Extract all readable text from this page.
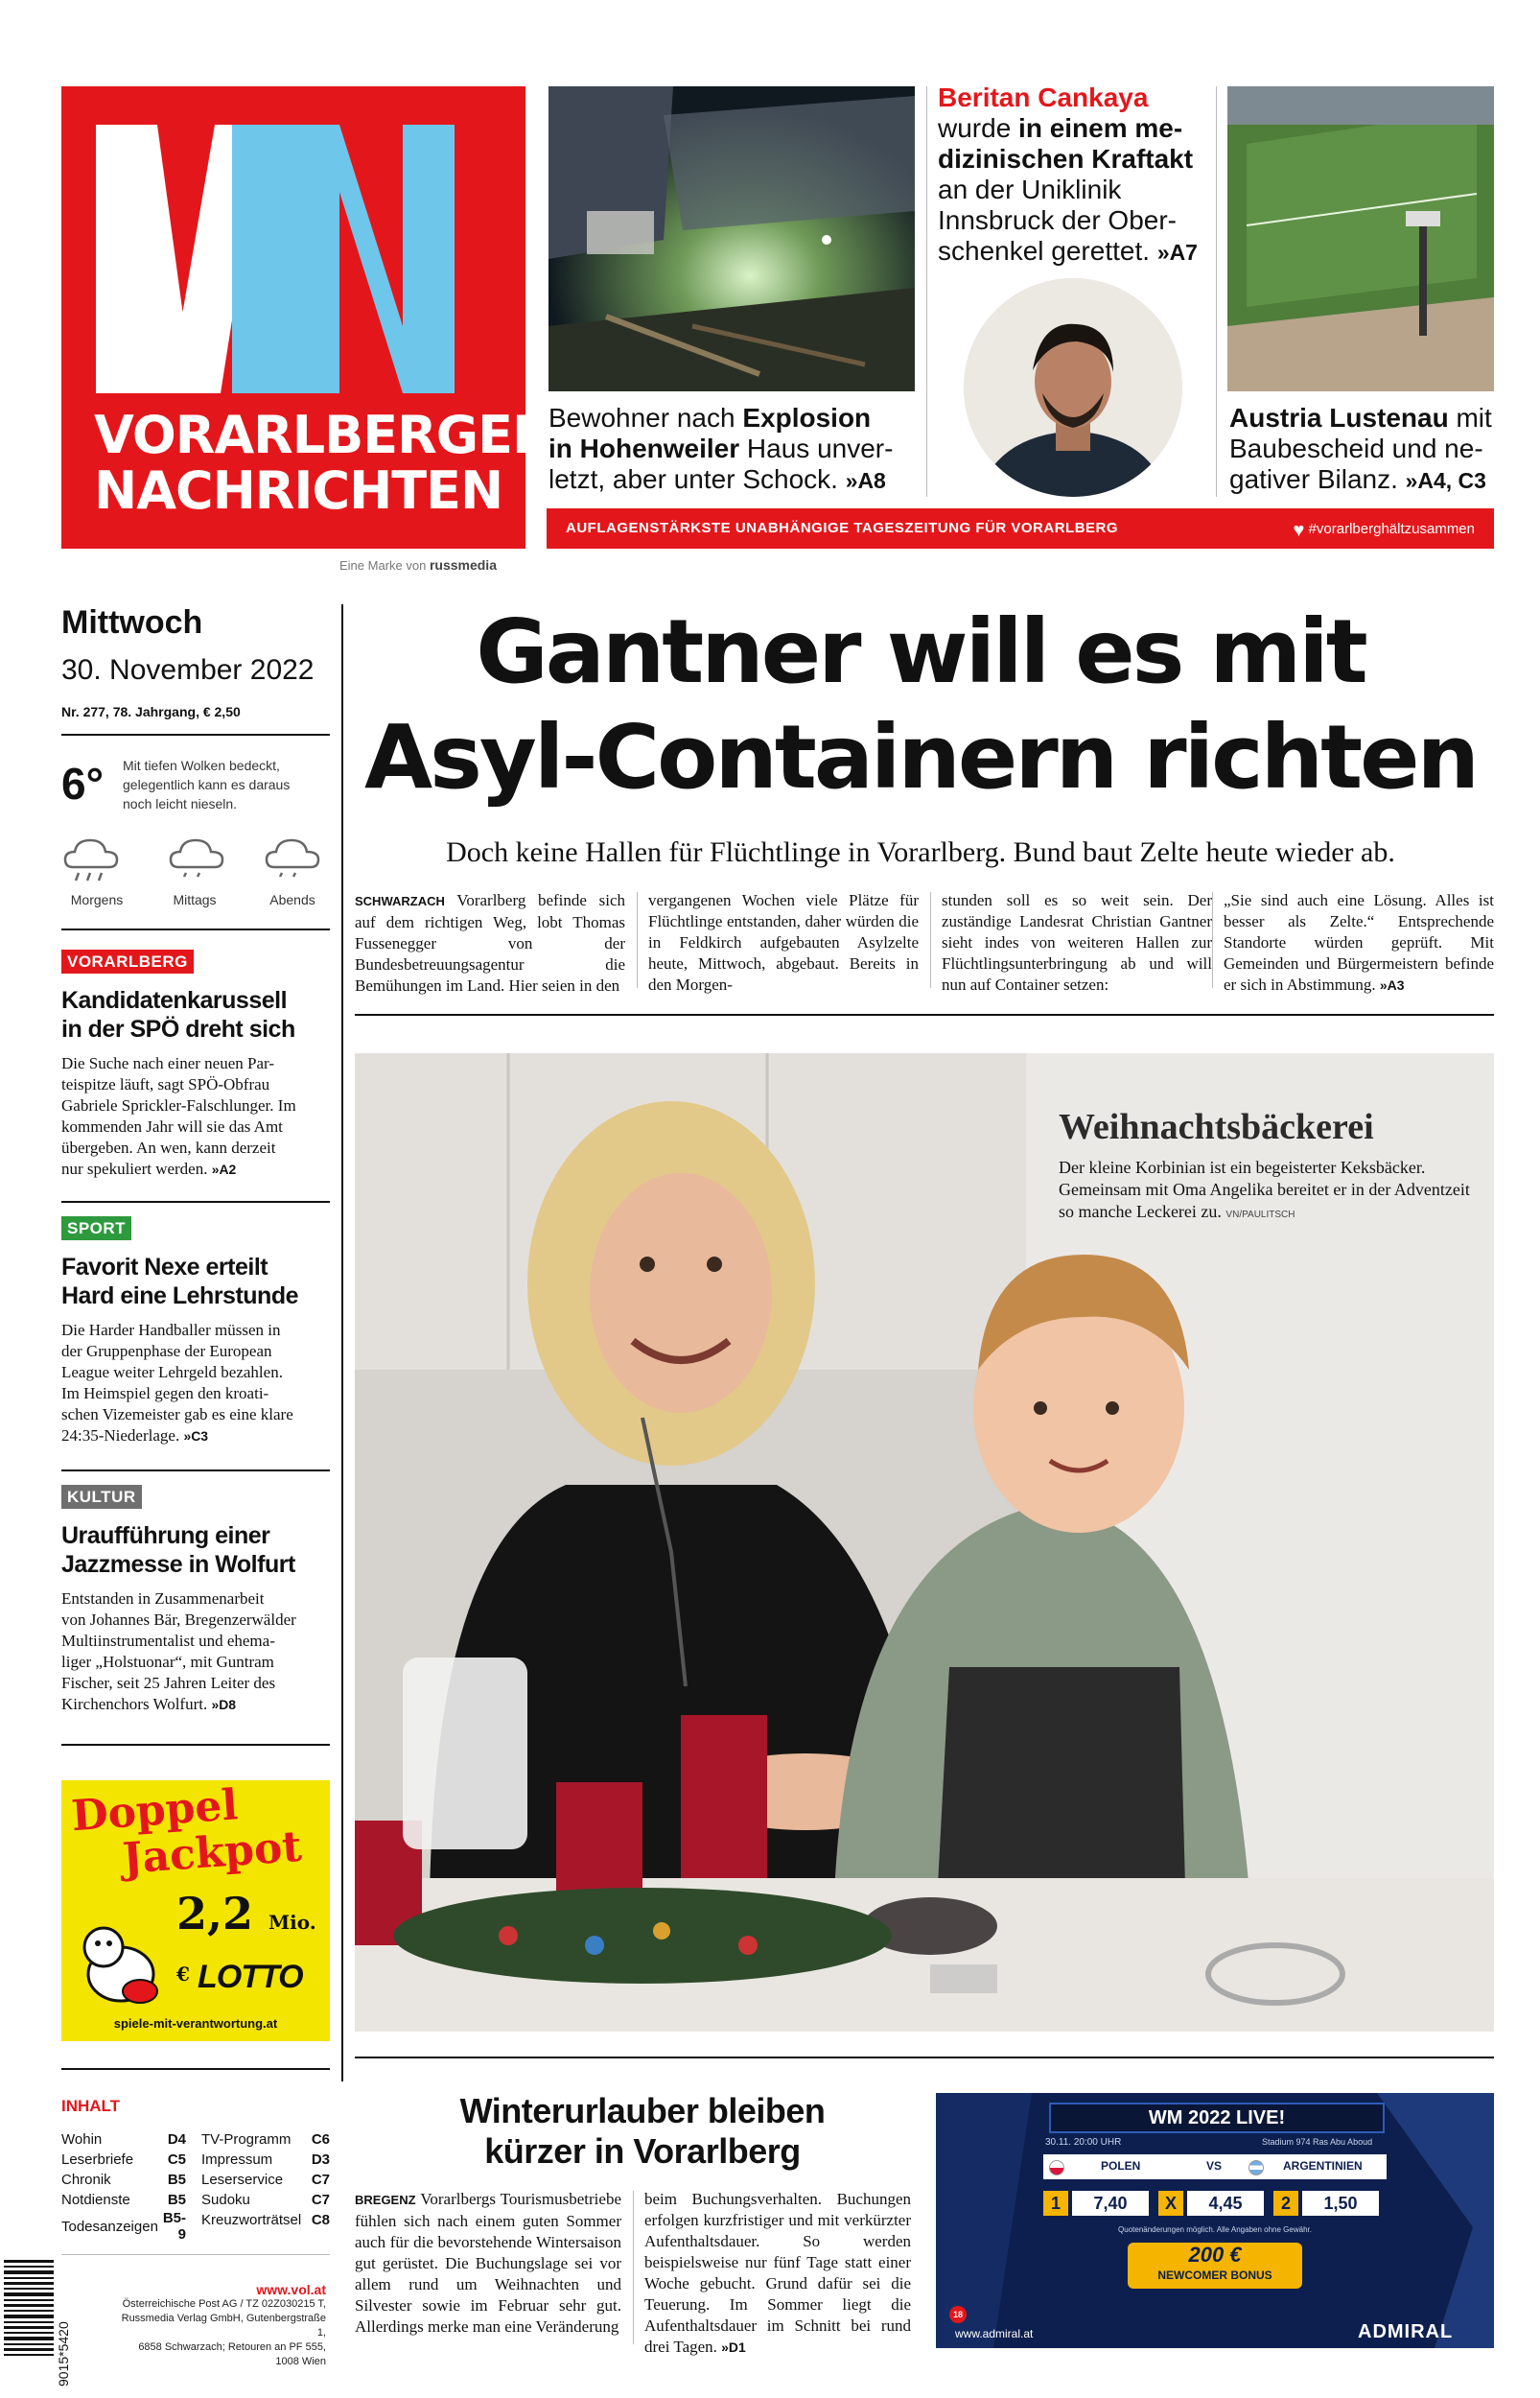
VORARLBERGER
NACHRICHTEN
Eine Marke von russmedia
Bewohner nach Explosion
in Hohenweiler Haus unver-
letzt, aber unter Schock. »A8
Beritan Cankaya
wurde in einem me-
dizinischen Kraftakt
an der Uniklinik
Innsbruck der Ober-
schenkel gerettet. »A7
Austria Lustenau mit
Baubescheid und ne-
gativer Bilanz. »A4, C3
AUFLAGENSTÄRKSTE UNABHÄNGIGE TAGESZEITUNG FÜR VORARLBERG	♥ #vorarlberghältzusammen
Mittwoch
30. November 2022
Nr. 277, 78. Jahrgang, € 2,50
6° Mit tiefen Wolken bedeckt,
gelegentlich kann es daraus
noch leicht nieseln.
Morgens	Mittags	Abends
VORARLBERG
Kandidatenkarussell
in der SPÖ dreht sich
Die Suche nach einer neuen Par-
teispitze läuft, sagt SPÖ-Obfrau
Gabriele Sprickler-Falschlunger. Im
kommenden Jahr will sie das Amt
übergeben. An wen, kann derzeit
nur spekuliert werden. »A2
SPORT
Favorit Nexe erteilt
Hard eine Lehrstunde
Die Harder Handballer müssen in
der Gruppenphase der European
League weiter Lehrgeld bezahlen.
Im Heimspiel gegen den kroati-
schen Vizemeister gab es eine klare
24:35-Niederlage. »C3
KULTUR
Uraufführung einer
Jazzmesse in Wolfurt
Entstanden in Zusammenarbeit
von Johannes Bär, Bregenzerwälder
Multiinstrumentalist und ehema-
liger „Holstuonar“, mit Guntram
Fischer, seit 25 Jahren Leiter des
Kirchenchors Wolfurt. »D8
Doppel
Jackpot
2,2 Mio. € LOTTO
spiele-mit-verantwortung.at
INHALT
Wohin	D4
Leserbriefe	C5
Chronik	B5
Notdienste	B5
Todesanzeigen	B5-9
TV-Programm	C6
Impressum	D3
Leserservice	C7
Sudoku	C7
Kreuzworträtsel	C8
9015*5420
www.vol.at
Österreichische Post AG / TZ 02Z030215 T,
Russmedia Verlag GmbH, Gutenbergstraße 1,
6858 Schwarzach; Retouren an PF 555, 1008 Wien
Gantner will es mit
Asyl-Containern richten
Doch keine Hallen für Flüchtlinge in Vorarlberg. Bund baut Zelte heute wieder ab.
SCHWARZACH Vorarlberg befinde sich auf dem richtigen Weg, lobt Thomas Fussenegger von der Bundesbetreuungsagentur die Bemühungen im Land. Hier seien in den
vergangenen Wochen viele Plätze für Flüchtlinge entstanden, daher würden die in Feldkirch aufgebauten Asylzelte heute, Mittwoch, abgebaut. Bereits in den Morgen-
stunden soll es so weit sein. Der zuständige Landesrat Christian Gantner sieht indes von weiteren Hallen zur Flüchtlingsunterbringung ab und will nun auf Container setzen:
„Sie sind auch eine Lösung. Alles ist besser als Zelte.“ Entsprechende Standorte würden geprüft. Mit Gemeinden und Bürgermeistern befinde er sich in Abstimmung. »A3
Weihnachtsbäckerei
Der kleine Korbinian ist ein begeisterter Keksbäcker. Gemeinsam mit Oma Angelika bereitet er in der Adventzeit so manche Leckerei zu. VN/PAULITSCH
Winterurlauber bleiben
kürzer in Vorarlberg
BREGENZ Vorarlbergs Tourismusbetriebe fühlen sich nach einem guten Sommer auch für die bevorstehende Wintersaison gut gerüstet. Die Buchungslage sei vor allem rund um Weihnachten und Silvester sowie im Februar sehr gut. Allerdings merke man eine Veränderung
beim Buchungsverhalten. Buchungen erfolgen kurzfristiger und mit verkürzter Aufenthaltsdauer. So werden beispielsweise nur fünf Tage statt einer Woche gebucht. Grund dafür sei die Teuerung. Im Sommer liegt die Aufenthaltsdauer im Schnitt bei rund drei Tagen. »D1
WM 2022 LIVE!
30.11. 20:00 UHR	Stadium 974 Ras Abu Aboud
POLEN	VS	ARGENTINIEN
1	7,40	X	4,45	2	1,50
Quotenänderungen möglich. Alle Angaben ohne Gewähr.
200 €
NEWCOMER BONUS
18
www.admiral.at	ADMIRAL
